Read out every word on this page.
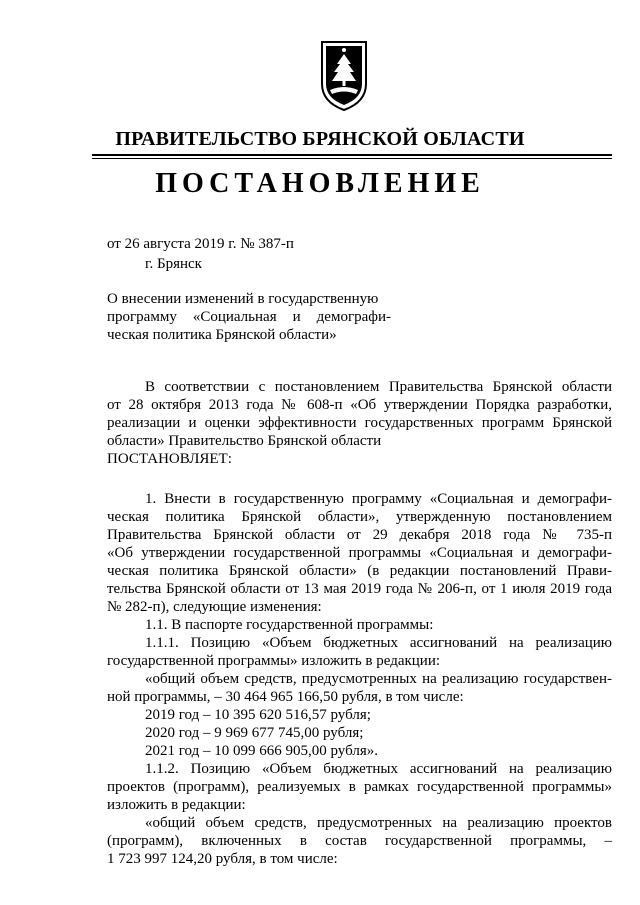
ПРАВИТЕЛЬСТВО БРЯНСКОЙ ОБЛАСТИ
ПОСТАНОВЛЕНИЕ
от 26 августа 2019 г. № 387-п
г. Брянск
О внесении изменений в государственную
программу «Социальная и демографи-
ческая политика Брянской области»
В соответствии с постановлением Правительства Брянской области
от 28 октября 2013 года № 608-п «Об утверждении Порядка разработки,
реализации и оценки эффективности государственных программ Брянской
области» Правительство Брянской области
ПОСТАНОВЛЯЕТ:
1. Внести в государственную программу «Социальная и демографи-
ческая политика Брянской области», утвержденную постановлением
Правительства Брянской области от 29 декабря 2018 года № 735-п
«Об утверждении государственной программы «Социальная и демографи-
ческая политика Брянской области» (в редакции постановлений Прави-
тельства Брянской области от 13 мая 2019 года № 206-п, от 1 июля 2019 года
№ 282-п), следующие изменения:
1.1. В паспорте государственной программы:
1.1.1. Позицию «Объем бюджетных ассигнований на реализацию
государственной программы» изложить в редакции:
«общий объем средств, предусмотренных на реализацию государствен-
ной программы, – 30 464 965 166,50 рубля, в том числе:
2019 год – 10 395 620 516,57 рубля;
2020 год – 9 969 677 745,00 рубля;
2021 год – 10 099 666 905,00 рубля».
1.1.2. Позицию «Объем бюджетных ассигнований на реализацию
проектов (программ), реализуемых в рамках государственной программы»
изложить в редакции:
«общий объем средств, предусмотренных на реализацию проектов
(программ), включенных в состав государственной программы, –
1 723 997 124,20 рубля, в том числе:
